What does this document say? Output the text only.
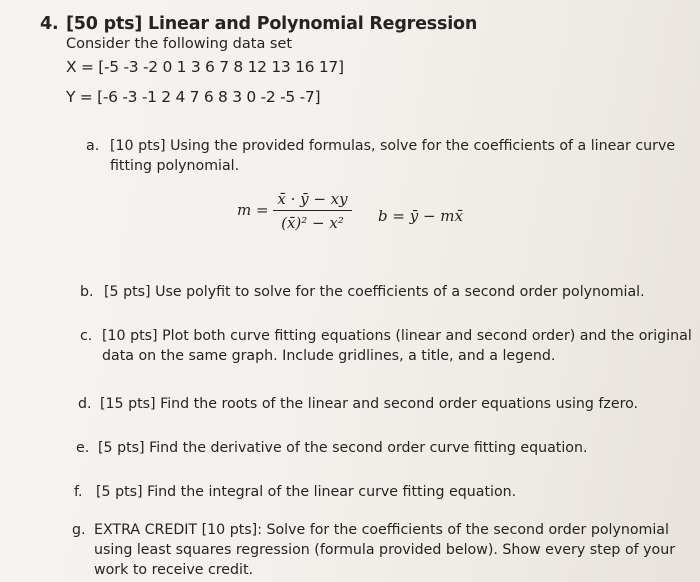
4. [50 pts] Linear and Polynomial Regression
Consider the following data set
X = [-5 -3 -2 0 1 3 6 7 8 12 13 16 17]
Y = [-6 -3 -1 2 4 7 6 8 3 0 -2 -5 -7]
a. [10 pts] Using the provided formulas, solve for the coefficients of a linear curve
fitting polynomial.
$m = \frac{x̄ \cdot ȳ - xy}{\text{(x̄)² − x²}}$ b = ȳ − mx̄
b. [5 pts] Use polyfit to solve for the coefficients of a second order polynomial.
c. [10 pts] Plot both curve fitting equations (linear and second order) and the original
data on the same graph. Include gridlines, a title, and a legend.
d. [15 pts] Find the roots of the linear and second order equations using fzero.
e. [5 pts] Find the derivative of the second order curve fitting equation.
f. [5 pts] Find the integral of the linear curve fitting equation.
g. EXTRA CREDIT [10 pts]: Solve for the coefficients of the second order polynomial
using least squares regression (formula provided below). Show every step of your
work to receive credit.
